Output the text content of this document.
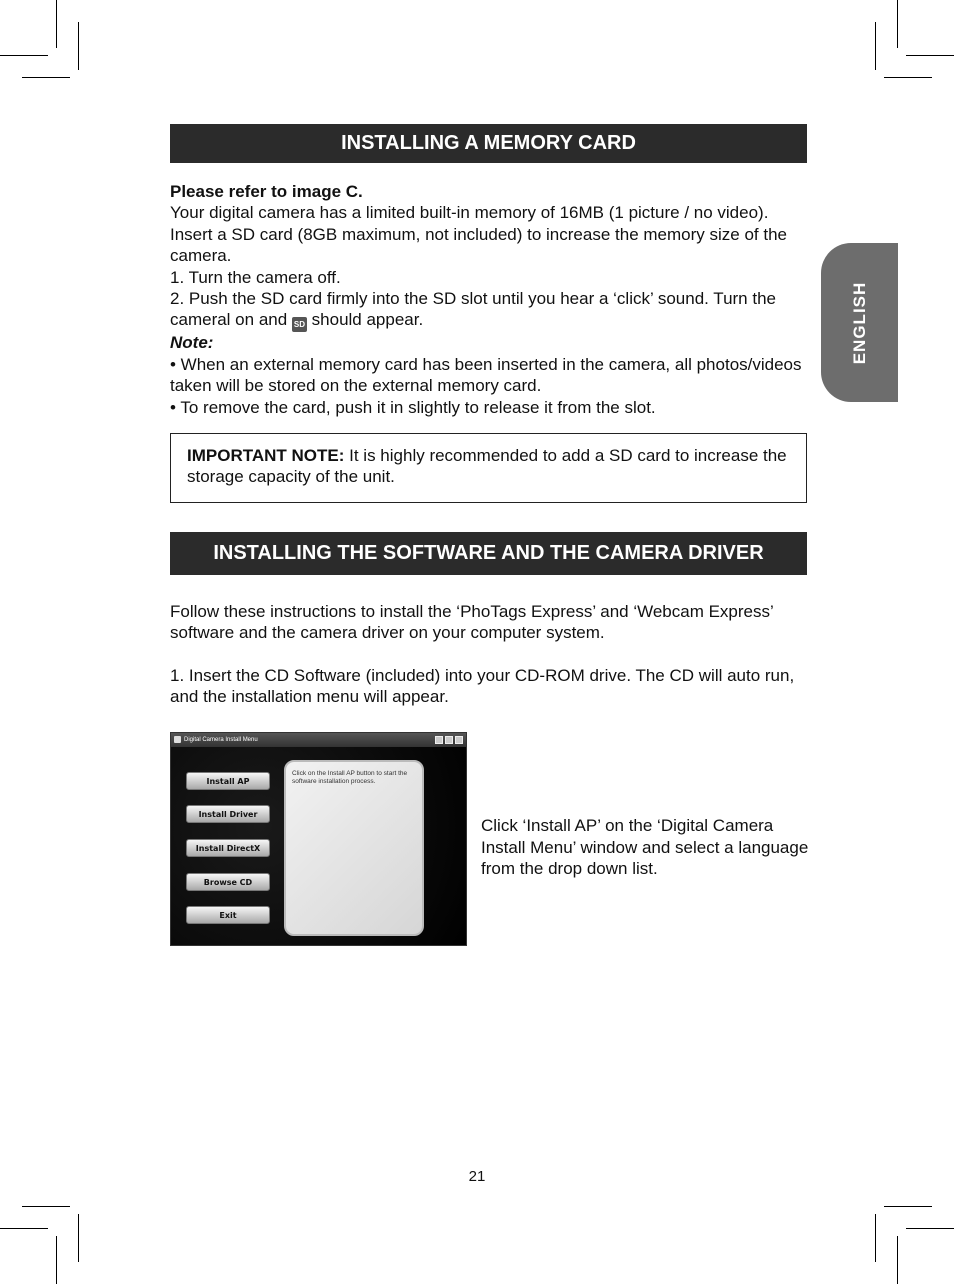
ENGLISH
INSTALLING A MEMORY CARD

Please refer to image C.

Your digital camera has a limited built-in memory of 16MB (1 picture / no video). Insert a SD card (8GB maximum, not included) to increase the memory size of the camera.

1. Turn the camera off.

2. Push the SD card firmly into the SD slot until you hear a ‘click’ sound. Turn the cameral on and SD should appear.

Note:

• When an external memory card has been inserted in the camera, all photos/videos taken will be stored on the external memory card.

• To remove the card, push it in slightly to release it from the slot.

IMPORTANT NOTE: It is highly recommended to add a SD card to increase the storage capacity of the unit.
INSTALLING THE SOFTWARE AND THE CAMERA DRIVER

Follow these instructions to install the ‘PhoTags Express’ and ‘Webcam Express’ software and the camera driver on your computer system.

1. Insert the CD Software (included) into your CD-ROM drive. The CD will auto run, and the installation menu will appear.

Digital Camera Install Menu
Install AP
Install Driver
Install DirectX
Browse CD
Exit
Click on the Install AP button to start the software installation process.
Click ‘Install AP’ on the ‘Digital Camera Install Menu’ window and select a language from the drop down list.
21
